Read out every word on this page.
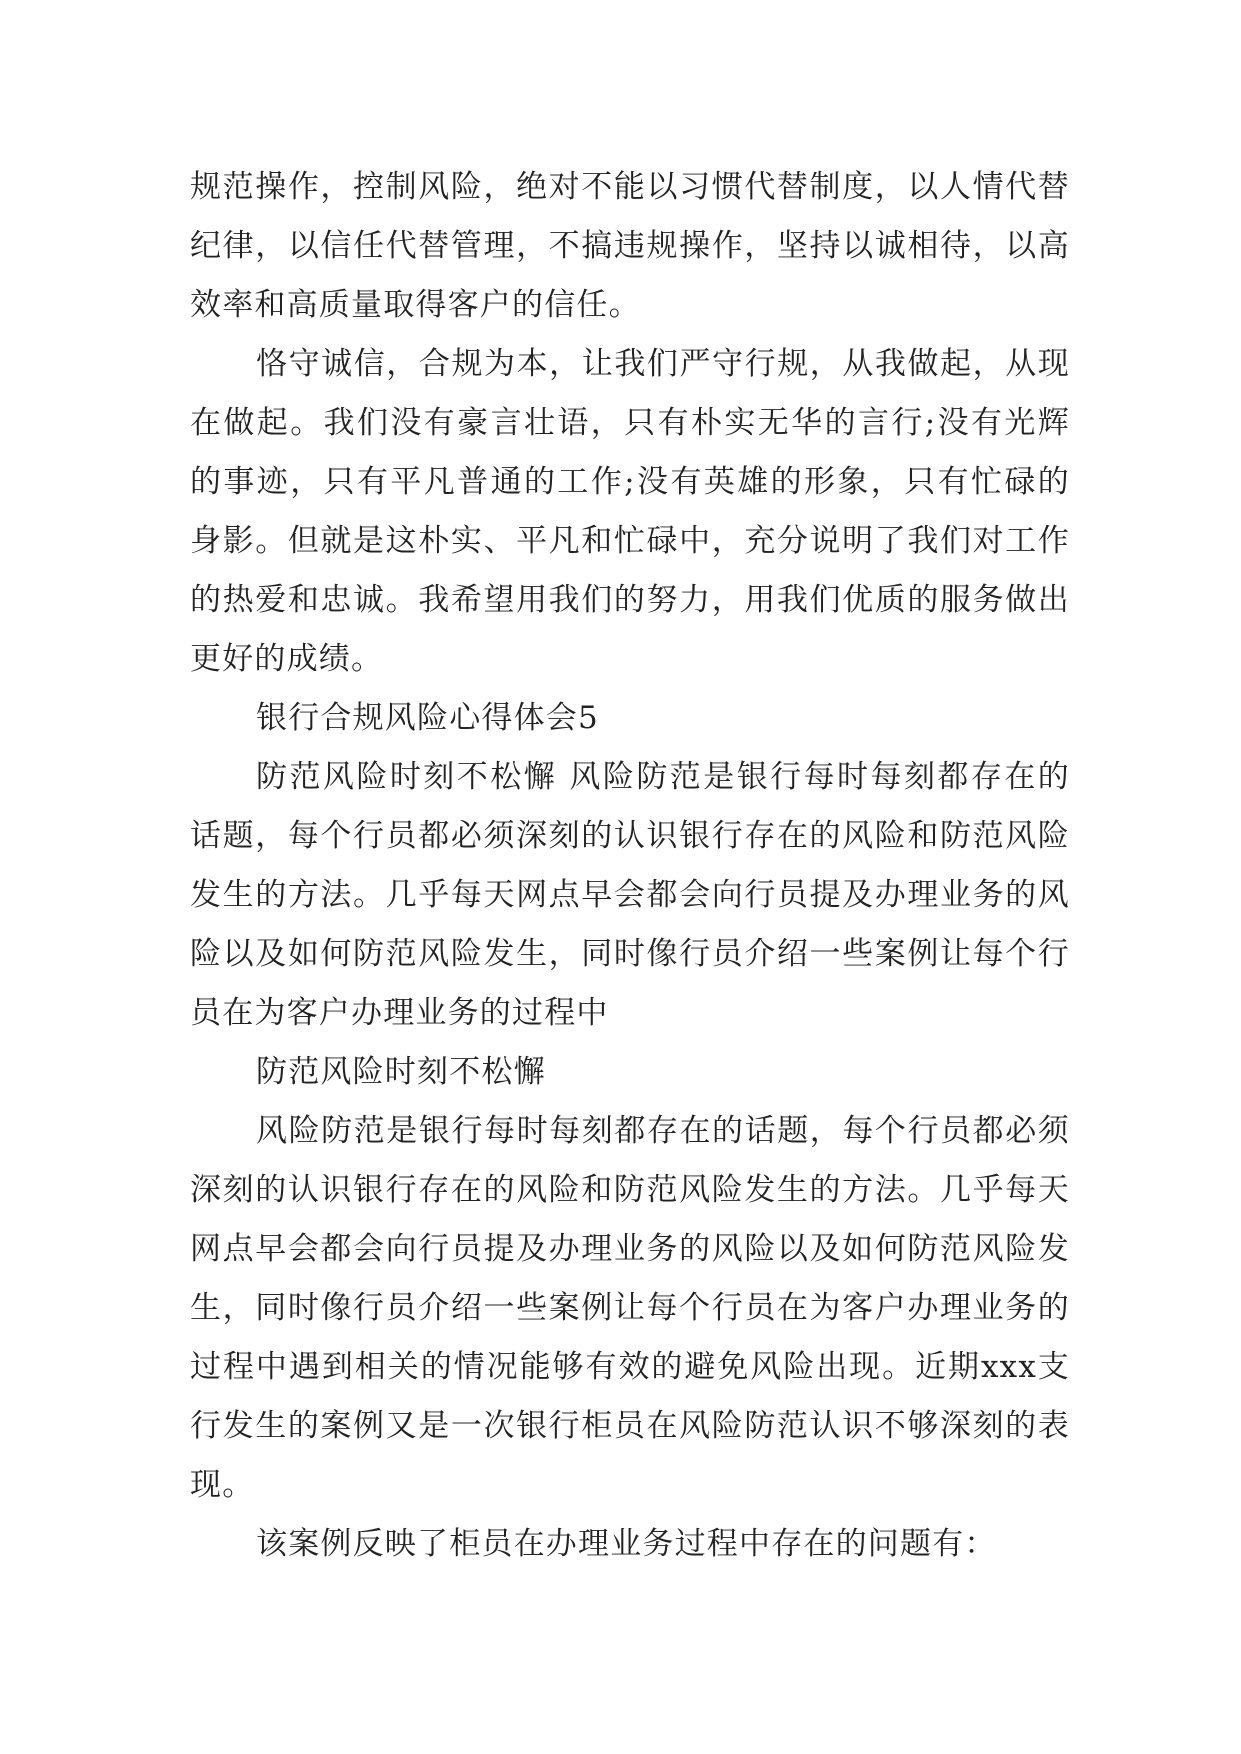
规范操作，控制风险，绝对不能以习惯代替制度，以人情代替纪律，以信任代替管理，不搞违规操作，坚持以诚相待，以高效率和高质量取得客户的信任。

恪守诚信，合规为本，让我们严守行规，从我做起，从现在做起。我们没有豪言壮语，只有朴实无华的言行;没有光辉的事迹，只有平凡普通的工作;没有英雄的形象，只有忙碌的身影。但就是这朴实、平凡和忙碌中，充分说明了我们对工作的热爱和忠诚。我希望用我们的努力，用我们优质的服务做出更好的成绩。

银行合规风险心得体会5

防范风险时刻不松懈 风险防范是银行每时每刻都存在的话题，每个行员都必须深刻的认识银行存在的风险和防范风险发生的方法。几乎每天网点早会都会向行员提及办理业务的风险以及如何防范风险发生，同时像行员介绍一些案例让每个行员在为客户办理业务的过程中

防范风险时刻不松懈

风险防范是银行每时每刻都存在的话题，每个行员都必须深刻的认识银行存在的风险和防范风险发生的方法。几乎每天网点早会都会向行员提及办理业务的风险以及如何防范风险发生，同时像行员介绍一些案例让每个行员在为客户办理业务的过程中遇到相关的情况能够有效的避免风险出现。近期xxx支行发生的案例又是一次银行柜员在风险防范认识不够深刻的表现。

该案例反映了柜员在办理业务过程中存在的问题有：
